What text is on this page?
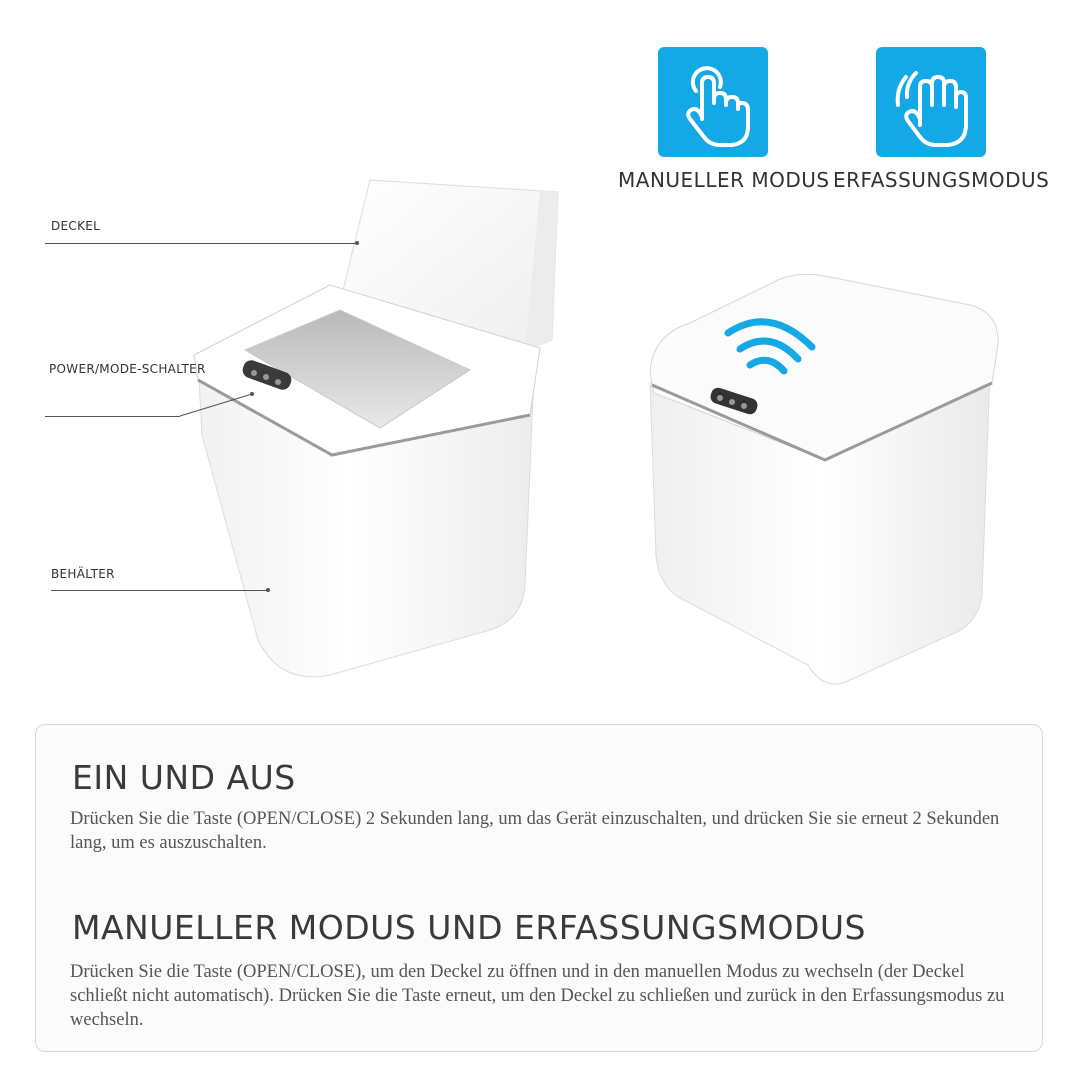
MANUELLER MODUS ERFASSUNGSMODUS
DECKEL
POWER/MODE-SCHALTER
BEHÄLTER
EIN UND AUS

Drücken Sie die Taste (OPEN/CLOSE) 2 Sekunden lang, um das Gerät einzuschalten, und drücken Sie sie erneut 2 Sekunden lang, um es auszuschalten.

MANUELLER MODUS UND ERFASSUNGSMODUS

Drücken Sie die Taste (OPEN/CLOSE), um den Deckel zu öffnen und in den manuellen Modus zu wechseln (der Deckel schließt nicht automatisch). Drücken Sie die Taste erneut, um den Deckel zu schließen und zurück in den Erfassungsmodus zu wechseln.
